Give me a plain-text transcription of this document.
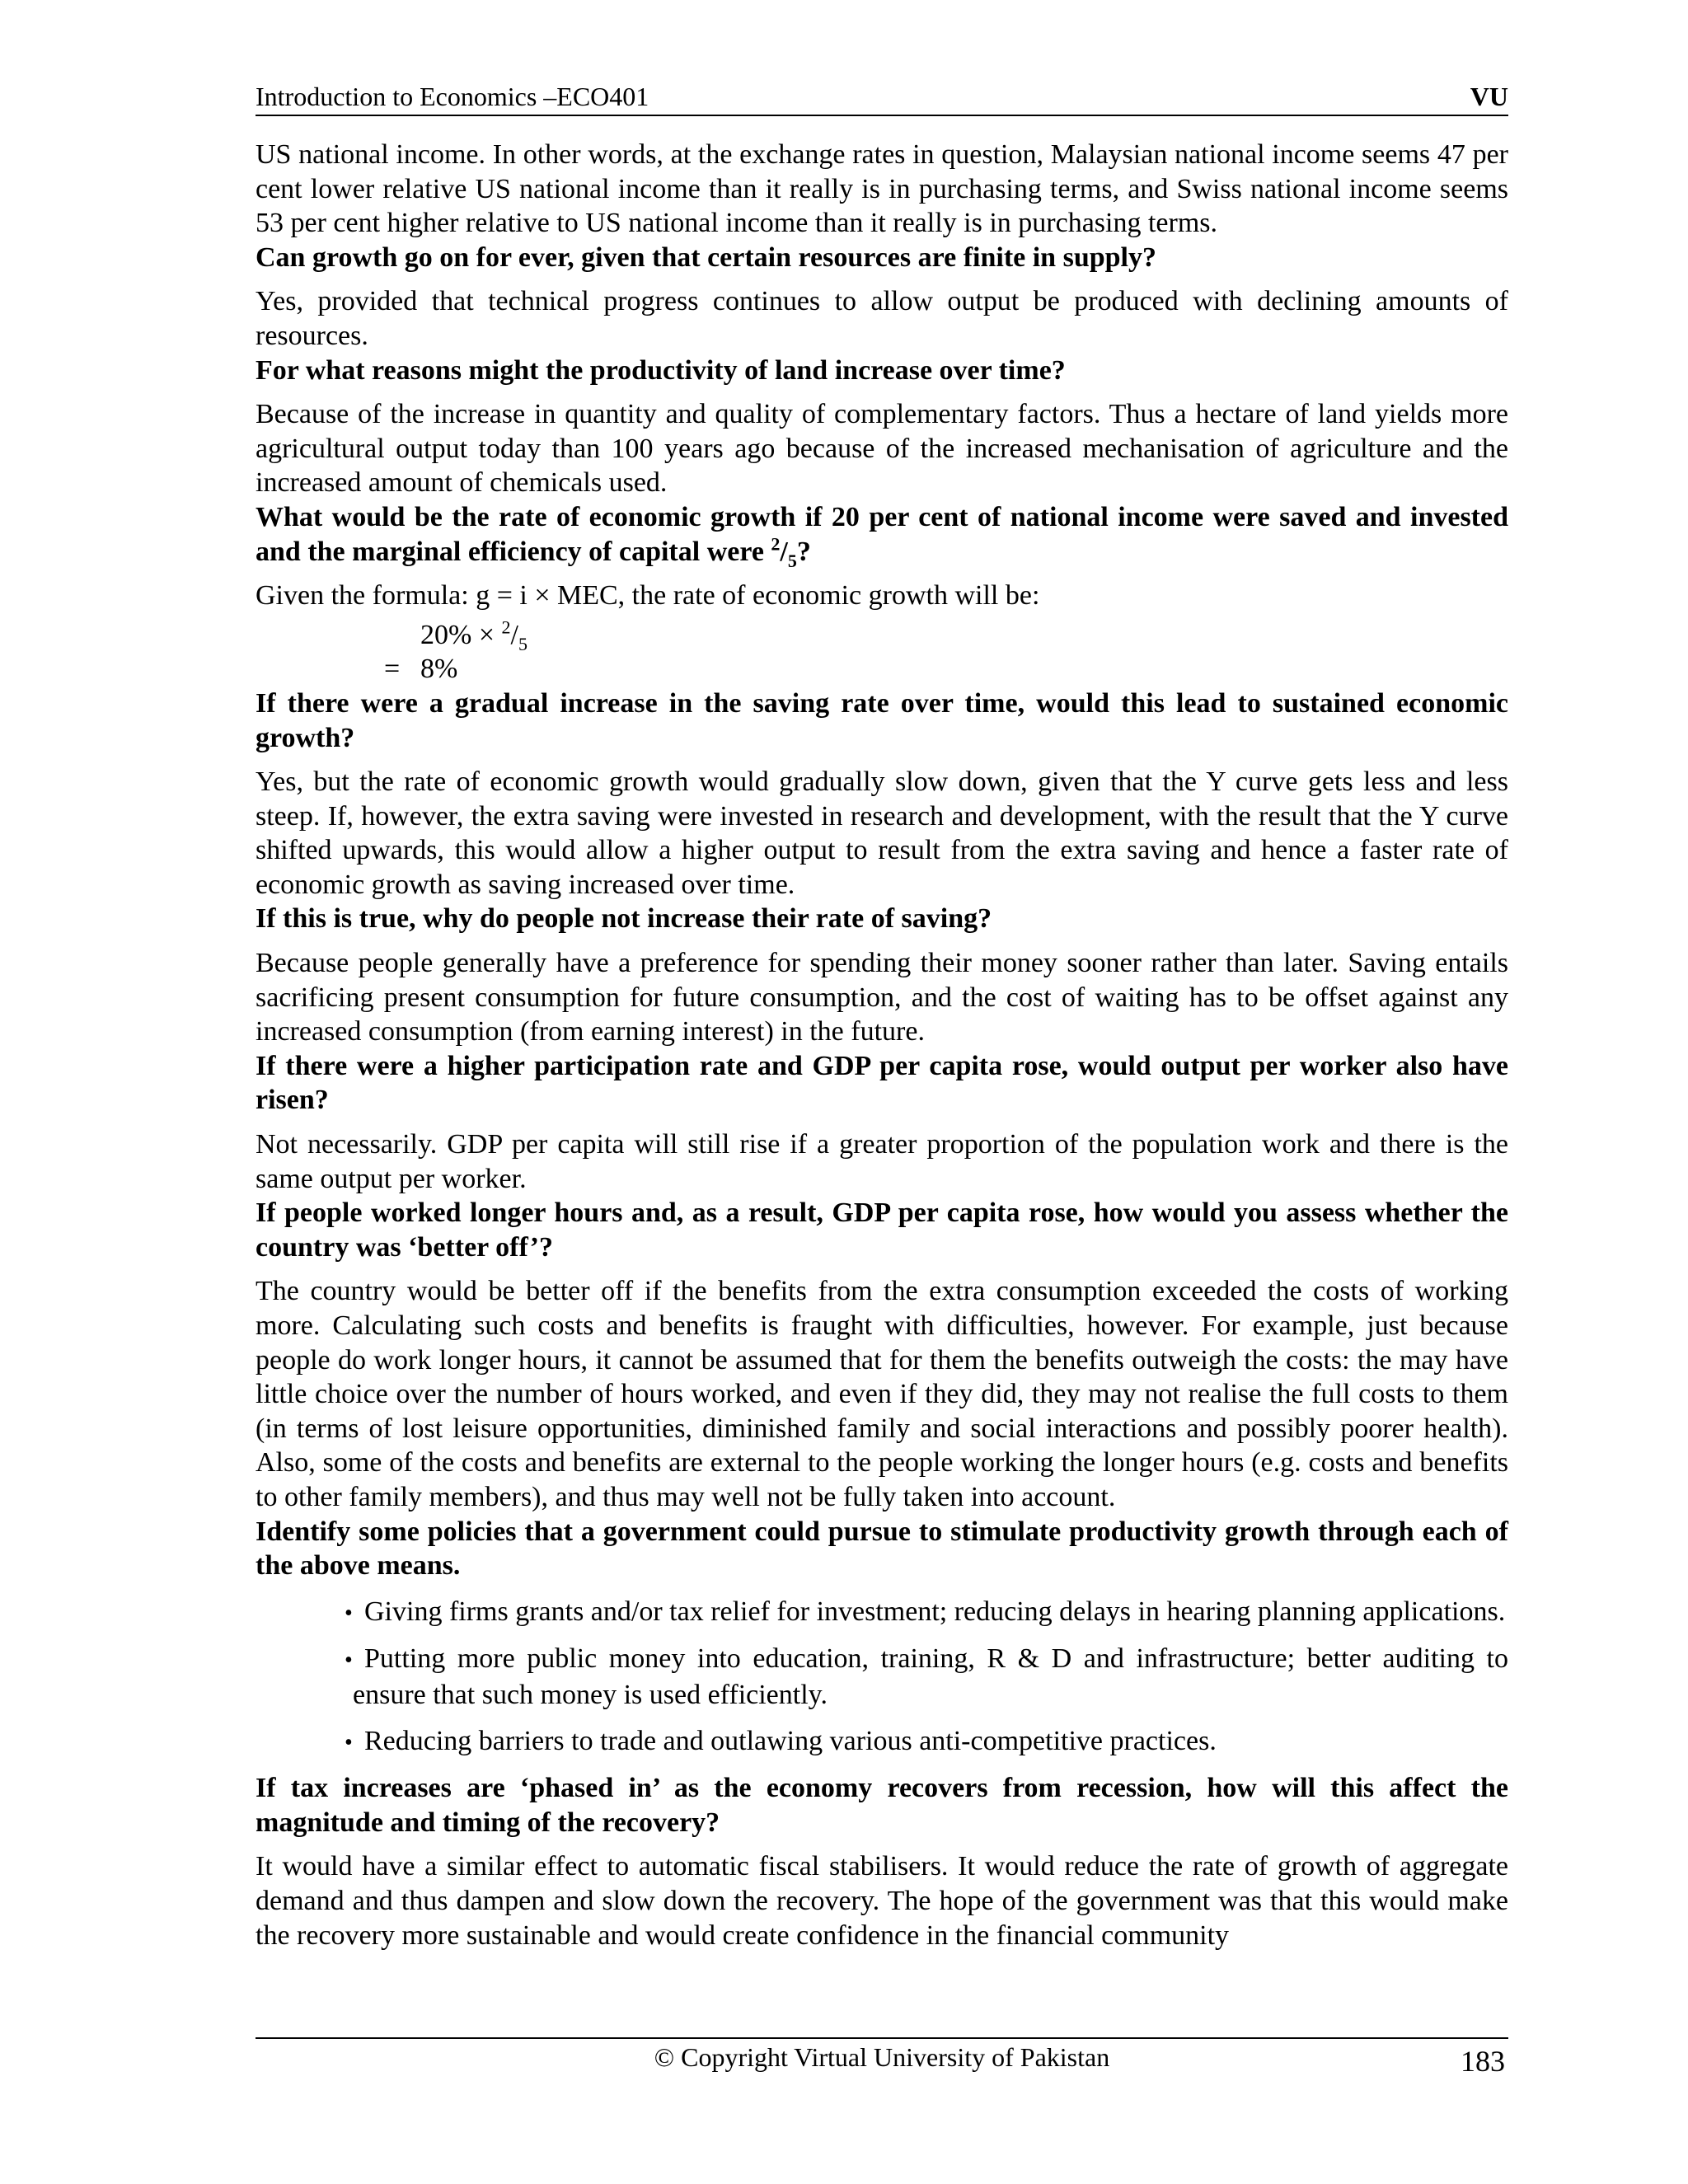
Introduction to Economics –ECO401	VU

US national income. In other words, at the exchange rates in question, Malaysian national income seems 47 per cent lower relative US national income than it really is in purchasing terms, and Swiss national income seems 53 per cent higher relative to US national income than it really is in purchasing terms.

Can growth go on for ever, given that certain resources are finite in supply?

Yes, provided that technical progress continues to allow output be produced with declining amounts of resources.

For what reasons might the productivity of land increase over time?

Because of the increase in quantity and quality of complementary factors. Thus a hectare of land yields more agricultural output today than 100 years ago because of the increased mechanisation of agriculture and the increased amount of chemicals used.

What would be the rate of economic growth if 20 per cent of national income were saved and invested and the marginal efficiency of capital were $^2/_5$?

Given the formula: g = i × MEC, the rate of economic growth will be:

$20\% \times ^2/_5$

= 8%

If there were a gradual increase in the saving rate over time, would this lead to sustained economic growth?

Yes, but the rate of economic growth would gradually slow down, given that the Y curve gets less and less steep. If, however, the extra saving were invested in research and development, with the result that the Y curve shifted upwards, this would allow a higher output to result from the extra saving and hence a faster rate of economic growth as saving increased over time.

If this is true, why do people not increase their rate of saving?

Because people generally have a preference for spending their money sooner rather than later. Saving entails sacrificing present consumption for future consumption, and the cost of waiting has to be offset against any increased consumption (from earning interest) in the future.

If there were a higher participation rate and GDP per capita rose, would output per worker also have risen?

Not necessarily. GDP per capita will still rise if a greater proportion of the population work and there is the same output per worker.

If people worked longer hours and, as a result, GDP per capita rose, how would you assess whether the country was ‘better off’?

The country would be better off if the benefits from the extra consumption exceeded the costs of working more. Calculating such costs and benefits is fraught with difficulties, however. For example, just because people do work longer hours, it cannot be assumed that for them the benefits outweigh the costs: the may have little choice over the number of hours worked, and even if they did, they may not realise the full costs to them (in terms of lost leisure opportunities, diminished family and social interactions and possibly poorer health). Also, some of the costs and benefits are external to the people working the longer hours (e.g. costs and benefits to other family members), and thus may well not be fully taken into account.

Identify some policies that a government could pursue to stimulate productivity growth through each of the above means.

• Giving firms grants and/or tax relief for investment; reducing delays in hearing planning applications.
• Putting more public money into education, training, R & D and infrastructure; better auditing to ensure that such money is used efficiently.
• Reducing barriers to trade and outlawing various anti-competitive practices.

If tax increases are ‘phased in’ as the economy recovers from recession, how will this affect the magnitude and timing of the recovery?

It would have a similar effect to automatic fiscal stabilisers. It would reduce the rate of growth of aggregate demand and thus dampen and slow down the recovery. The hope of the government was that this would make the recovery more sustainable and would create confidence in the financial community

© Copyright Virtual University of Pakistan	183
